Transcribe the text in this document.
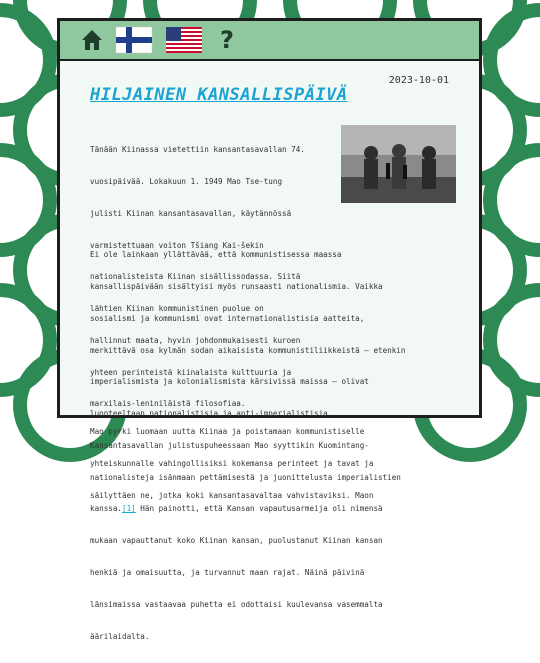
?
2023-10-01
HILJAINEN KANSALLISPÄIVÄ

Tänään Kiinassa vietettiin kansantasavallan 74.

vuosipäivää. Lokakuun 1. 1949 Mao Tse-tung

julisti Kiinan kansantasavallan, käytännössä

varmistettuaan voiton Tšiang Kai-šekin

nationalisteista Kiinan sisällissodassa. Siitä

lähtien Kiinan kommunistinen puolue on

hallinnut maata, hyvin johdonmukaisesti kuroen

yhteen perinteistä kiinalaista kulttuuria ja

marxilais-leniniläistä filosofiaa.

Ei ole lainkaan yllättävää, että kommunistisessa maassa

kansallispäivään sisältyisi myös runsaasti nationalismia. Vaikka

sosialismi ja kommunismi ovat internationalistisia aatteita,

merkittävä osa kylmän sodan aikaisista kommunistiliikkeistä – etenkin

imperialismista ja kolonialismista kärsivissä maissa – olivat

luonteeltaan nationalistisia ja anti-imperialistisia.

Kansantasavallan julistuspuheessaan Mao syyttikin Kuomintang-

nationalisteja isänmaan pettämisestä ja juonittelusta imperialistien

kanssa.[1] Hän painotti, että Kansan vapautusarmeija oli nimensä

mukaan vapauttanut koko Kiinan kansan, puolustanut Kiinan kansan

henkiä ja omaisuutta, ja turvannut maan rajat. Näinä päivinä

länsimaissa vastaavaa puhetta ei odottaisi kuulevansa vasemmalta

äärilaidalta.

Mao pyrki luomaan uutta Kiinaa ja poistamaan kommunistiselle

yhteiskunnalle vahingollisiksi kokemansa perinteet ja tavat ja

säilyttäen ne, jotka koki kansantasavaltaa vahvistaviksi. Maon
